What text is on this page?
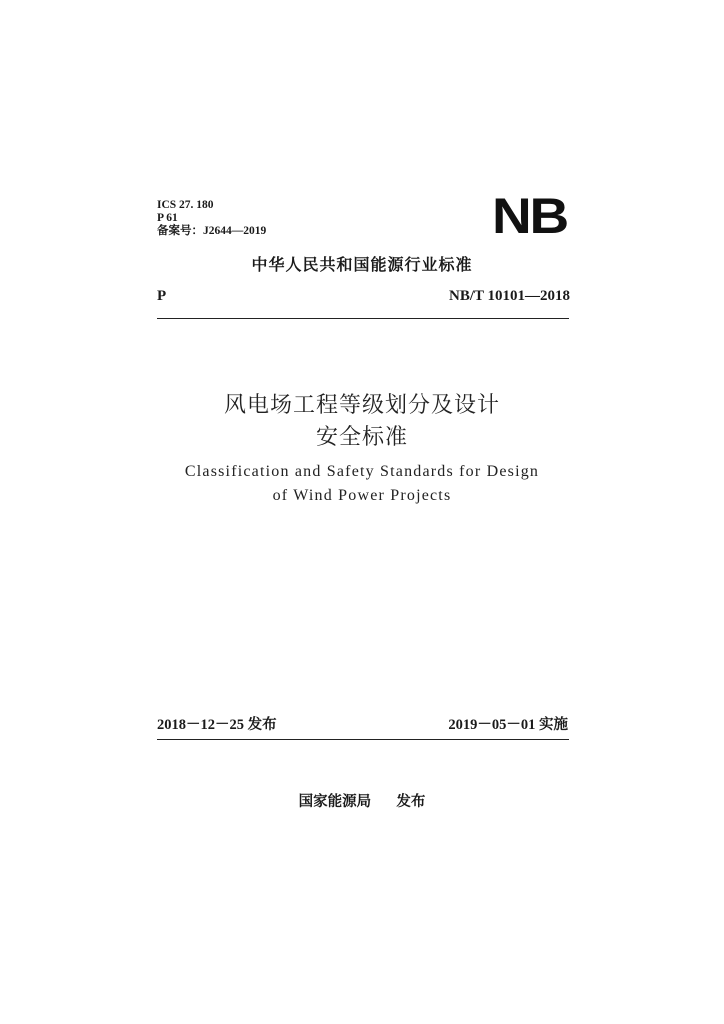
ICS 27. 180
P 61
备案号：J2644—2019	NB
中华人民共和国能源行业标准
P	NB/T 10101—2018
风电场工程等级划分及设计
安全标准
Classification and Safety Standards for Design
of Wind Power Projects
2018－12－25 发布	2019－05－01 实施
国家能源局     发布
